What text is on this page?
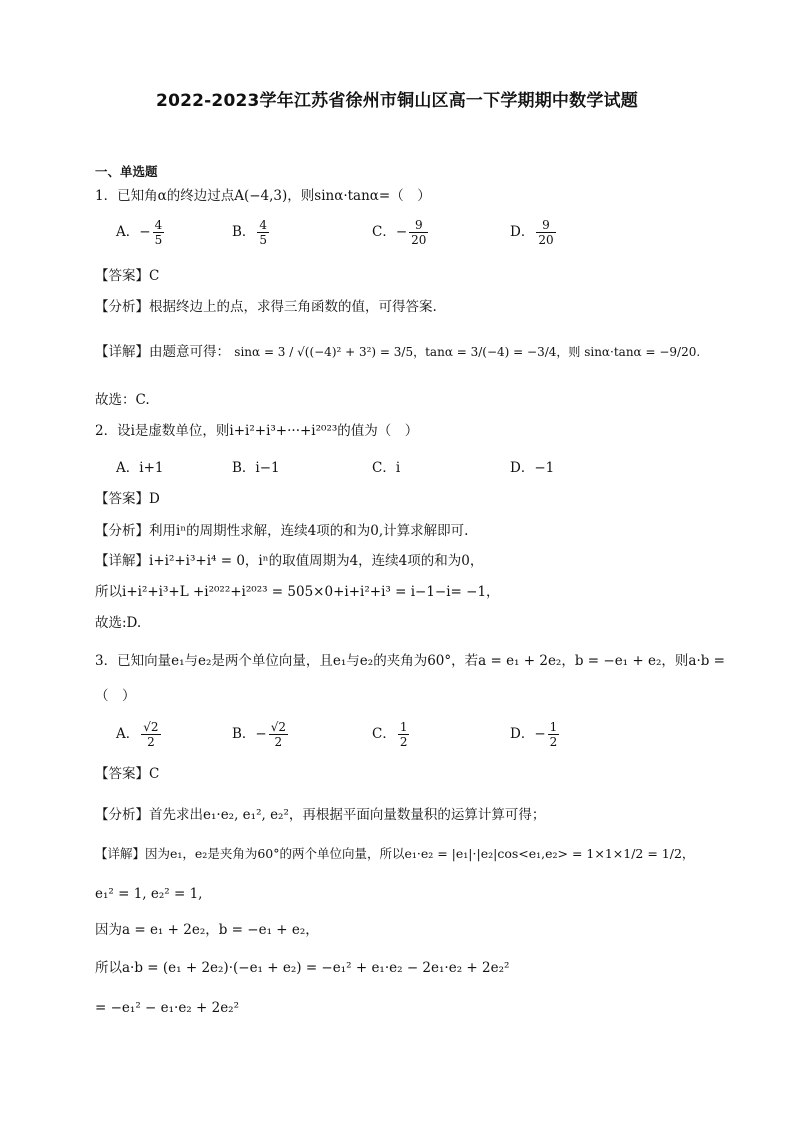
2022-2023学年江苏省徐州市铜山区高一下学期期中数学试题
一、单选题
1．已知角α的终边过点A(−4,3)，则sinα·tanα=（　）
A．− $\frac{4}{5}$	B． $\frac{4}{5}$	C．− $\frac{9}{20}$	D． $\frac{9}{20}$
【答案】C
【分析】根据终边上的点，求得三角函数的值，可得答案.
【详解】由题意可得： sinα = 3 / √((−4)² + 3²) = 3/5，tanα = 3/(−4) = −3/4，则 sinα·tanα = −9/20.
故选：C.
2．设i是虚数单位，则i+i²+i³+···+i²⁰²³的值为（　）
A．i+1	B．i−1	C．i	D．−1
【答案】D
【分析】利用iⁿ的周期性求解，连续4项的和为0,计算求解即可.
【详解】i+i²+i³+i⁴ = 0，iⁿ的取值周期为4，连续4项的和为0，
所以i+i²+i³+L +i²⁰²²+i²⁰²³ = 505×0+i+i²+i³ = i−1−i= −1，
故选:D.
3．已知向量e₁与e₂是两个单位向量，且e₁与e₂的夹角为60°，若a = e₁ + 2e₂，b = −e₁ + e₂，则a·b =
（　）
A． $\frac{√2}{2}$	B．− $\frac{√2}{2}$	C． $\frac{1}{2}$	D．− $\frac{1}{2}$
【答案】C
【分析】首先求出e₁·e₂, e₁², e₂²，再根据平面向量数量积的运算计算可得；
【详解】因为e₁，e₂是夹角为60°的两个单位向量，所以e₁·e₂ = |e₁|·|e₂|cos<e₁,e₂> = 1×1×1/2 = 1/2，
e₁² = 1, e₂² = 1,
因为a = e₁ + 2e₂，b = −e₁ + e₂，
所以a·b = (e₁ + 2e₂)·(−e₁ + e₂) = −e₁² + e₁·e₂ − 2e₁·e₂ + 2e₂²
= −e₁² − e₁·e₂ + 2e₂²
